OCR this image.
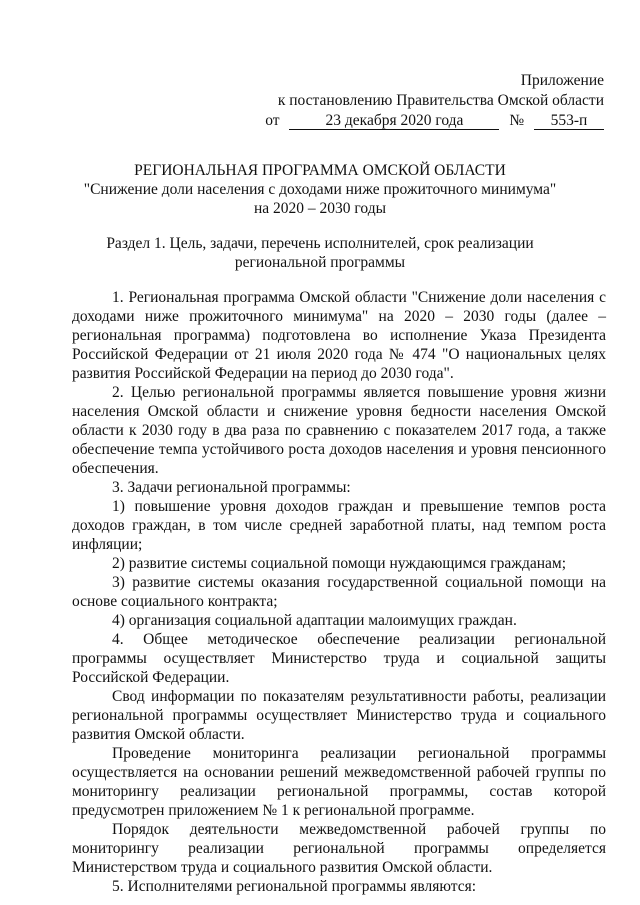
Приложение
к постановлению Правительства Омской области
от	23 декабря 2020 года	№ 553-п
РЕГИОНАЛЬНАЯ ПРОГРАММА ОМСКОЙ ОБЛАСТИ
"Снижение доли населения с доходами ниже прожиточного минимума"
на 2020 – 2030 годы
Раздел 1. Цель, задачи, перечень исполнителей, срок реализации
региональной программы

1. Региональная программа Омской области "Снижение доли населения с доходами ниже прожиточного минимума" на 2020 – 2030 годы (далее – региональная программа) подготовлена во исполнение Указа Президента Российской Федерации от 21 июля 2020 года № 474 "О национальных целях развития Российской Федерации на период до 2030 года".

2. Целью региональной программы является повышение уровня жизни населения Омской области и снижение уровня бедности населения Омской области к 2030 году в два раза по сравнению с показателем 2017 года, а также обеспечение темпа устойчивого роста доходов населения и уровня пенсионного обеспечения.

3. Задачи региональной программы:

1) повышение уровня доходов граждан и превышение темпов роста доходов граждан, в том числе средней заработной платы, над темпом роста инфляции;

2) развитие системы социальной помощи нуждающимся гражданам;

3) развитие системы оказания государственной социальной помощи на основе социального контракта;

4) организация социальной адаптации малоимущих граждан.

4. Общее методическое обеспечение реализации региональной программы осуществляет Министерство труда и социальной защиты Российской Федерации.

Свод информации по показателям результативности работы, реализации региональной программы осуществляет Министерство труда и социального развития Омской области.

Проведение мониторинга реализации региональной программы осуществляется на основании решений межведомственной рабочей группы по мониторингу реализации региональной программы, состав которой предусмотрен приложением № 1 к региональной программе.

Порядок деятельности межведомственной рабочей группы по мониторингу реализации региональной программы определяется Министерством труда и социального развития Омской области.

5. Исполнителями региональной программы являются:
